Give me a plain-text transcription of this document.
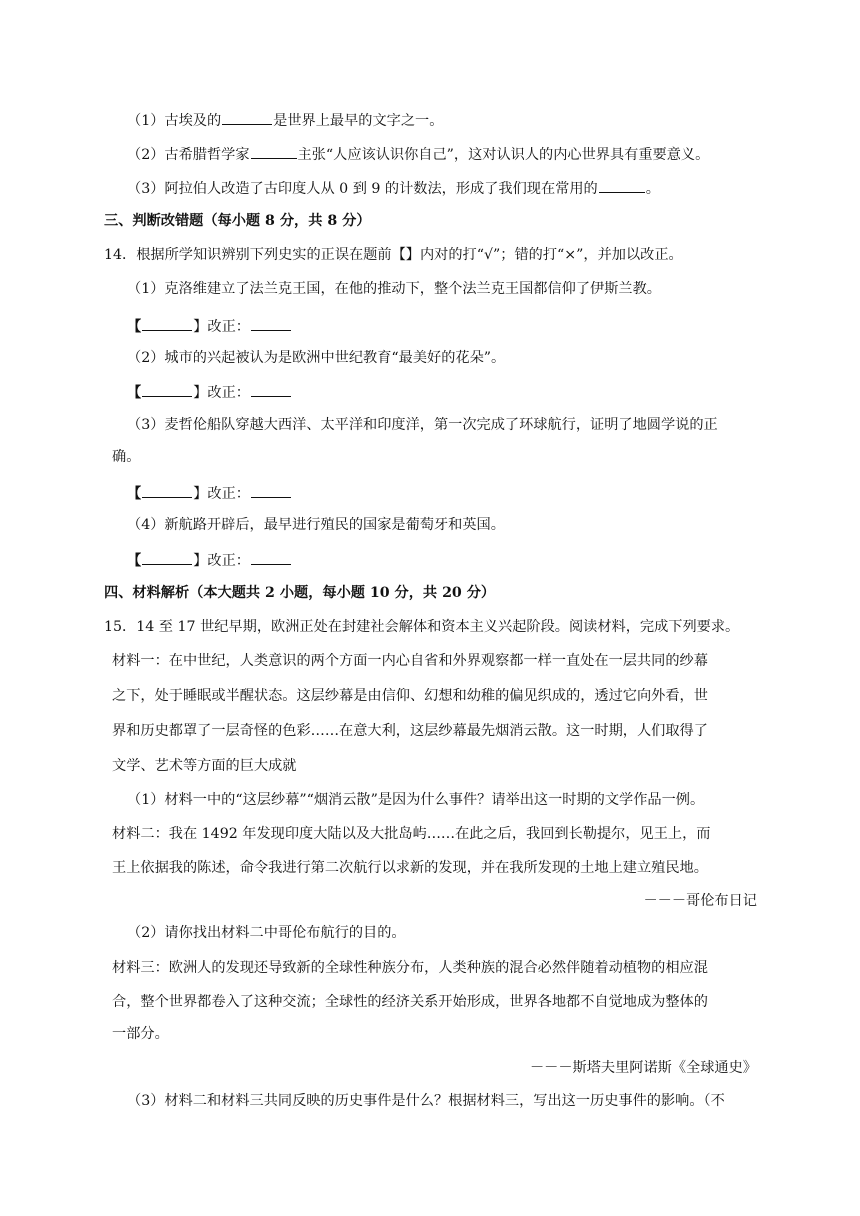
（1）古埃及的	是世界上最早的文字之一。
（2）古希腊哲学家	主张“人应该认识你自己”，这对认识人的内心世界具有重要意义。
（3）阿拉伯人改造了古印度人从 0 到 9 的计数法，形成了我们现在常用的	。
三、判断改错题（每小题 8 分，共 8 分）
14．根据所学知识辨别下列史实的正误在题前【】内对的打“√”；错的打“×”，并加以改正。
（1）克洛维建立了法兰克王国，在他的推动下，整个法兰克王国都信仰了伊斯兰教。
【	】改正：
（2）城市的兴起被认为是欧洲中世纪教育“最美好的花朵”。
【	】改正：
（3）麦哲伦船队穿越大西洋、太平洋和印度洋，第一次完成了环球航行，证明了地圆学说的正
确。
【	】改正：
（4）新航路开辟后，最早进行殖民的国家是葡萄牙和英国。
【	】改正：
四、材料解析（本大题共 2 小题，每小题 10 分，共 20 分）
15．14 至 17 世纪早期，欧洲正处在封建社会解体和资本主义兴起阶段。阅读材料，完成下列要求。
材料一：在中世纪，人类意识的两个方面一内心自省和外界观察都一样一直处在一层共同的纱幕
之下，处于睡眠或半醒状态。这层纱幕是由信仰、幻想和幼稚的偏见织成的，透过它向外看，世
界和历史都罩了一层奇怪的色彩……在意大利，这层纱幕最先烟消云散。这一时期，人们取得了
文学、艺术等方面的巨大成就
（1）材料一中的“这层纱幕”“烟消云散”是因为什么事件？请举出这一时期的文学作品一例。
材料二：我在 1492 年发现印度大陆以及大批岛屿……在此之后，我回到长勒提尔，见王上，而
王上依据我的陈述，命令我进行第二次航行以求新的发现，并在我所发现的土地上建立殖民地。
－－－哥伦布日记
（2）请你找出材料二中哥伦布航行的目的。
材料三：欧洲人的发现还导致新的全球性种族分布，人类种族的混合必然伴随着动植物的相应混
合，整个世界都卷入了这种交流；全球性的经济关系开始形成，世界各地都不自觉地成为整体的
一部分。
－－－斯塔夫里阿诺斯《全球通史》
（3）材料二和材料三共同反映的历史事件是什么？根据材料三，写出这一历史事件的影响。（不
